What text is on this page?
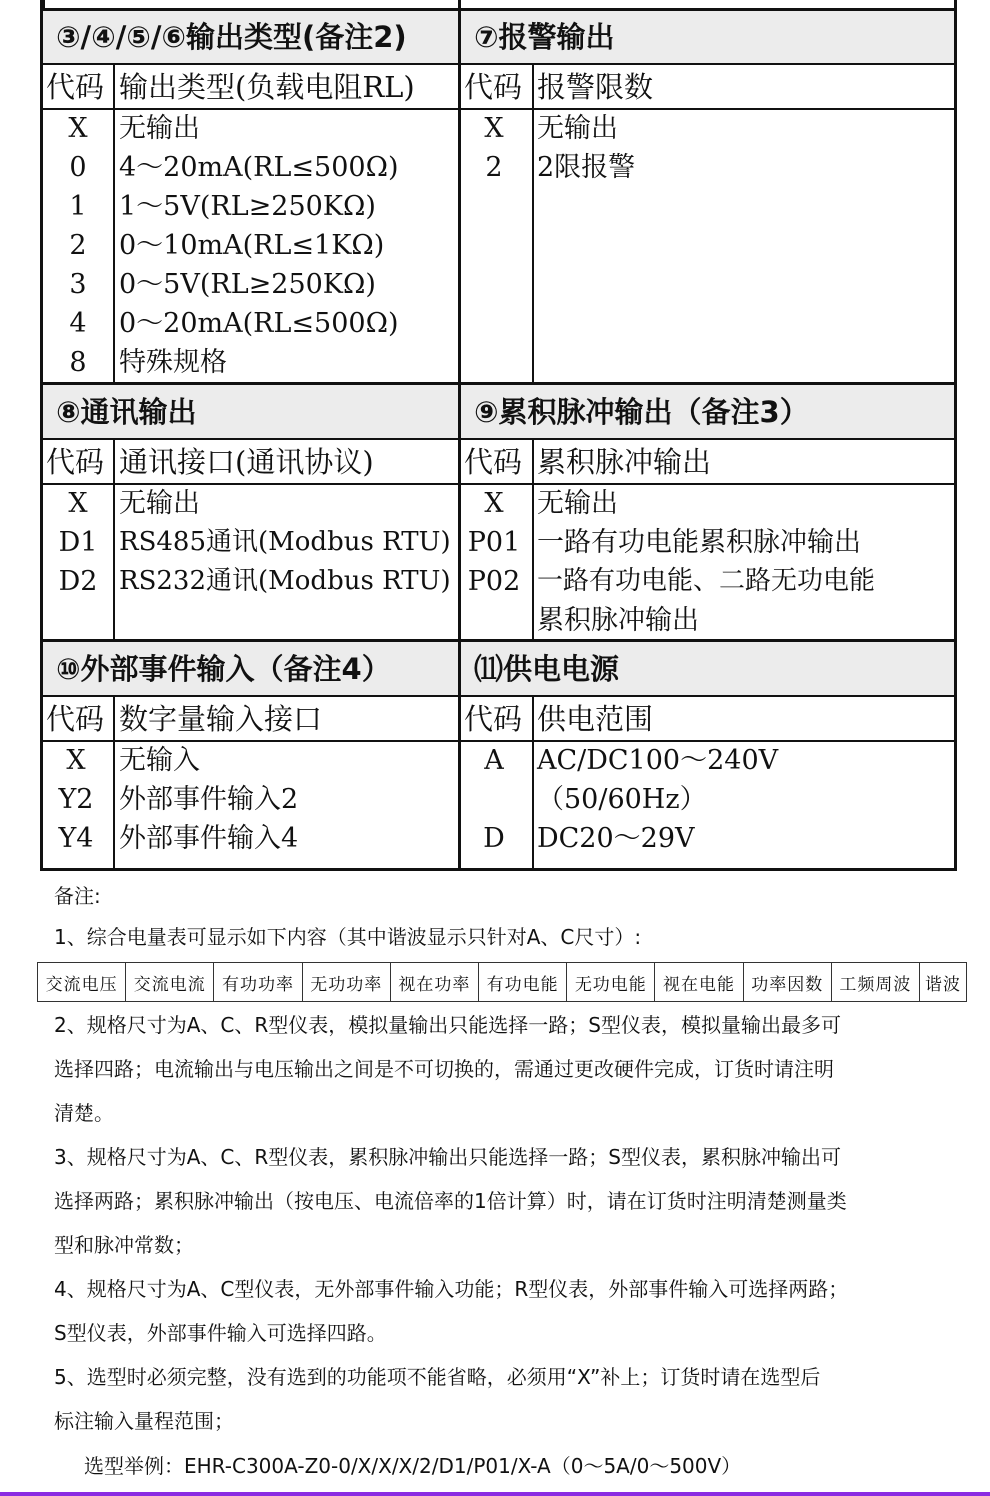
③/④/⑤/⑥输出类型(备注2)
代码 输出类型(负载电阻RL)
X 无输出
0 4～20mA(RL≤500Ω)
1 1～5V(RL≥250KΩ)
2 0～10mA(RL≤1KΩ)
3 0～5V(RL≥250KΩ)
4 0～20mA(RL≤500Ω)
8 特殊规格
⑦报警输出
代码 报警限数
X 无输出
2 2限报警
⑧通讯输出
代码 通讯接口(通讯协议)
X	无输出
D1 RS485通讯(Modbus RTU)
D2 RS232通讯(Modbus RTU)
⑨累积脉冲输出（备注3）
代码 累积脉冲输出
X	无输出
P01 一路有功电能累积脉冲输出
P02 一路有功电能、二路无功电能
累积脉冲输出
⑩外部事件输入（备注4）
代码 数字量输入接口
X	无输入
Y2 外部事件输入2
Y4 外部事件输入4
⑾供电电源
代码 供电范围
A AC/DC100～240V
（50/60Hz）
D DC20～29V
备注:
1、综合电量表可显示如下内容（其中谐波显示只针对A、C尺寸）:
交流电压 交流电流 有功功率 无功功率 视在功率 有功电能 无功电能 视在电能 功率因数 工频周波 谐波
2、规格尺寸为A、C、R型仪表，模拟量输出只能选择一路；S型仪表，模拟量输出最多可
选择四路；电流输出与电压输出之间是不可切换的，需通过更改硬件完成，订货时请注明
清楚。
3、规格尺寸为A、C、R型仪表，累积脉冲输出只能选择一路；S型仪表，累积脉冲输出可
选择两路；累积脉冲输出（按电压、电流倍率的1倍计算）时，请在订货时注明清楚测量类
型和脉冲常数；
4、规格尺寸为A、C型仪表，无外部事件输入功能；R型仪表，外部事件输入可选择两路；
S型仪表，外部事件输入可选择四路。
5、选型时必须完整，没有选到的功能项不能省略，必须用“X”补上；订货时请在选型后
标注输入量程范围；
选型举例：EHR-C300A-Z0-0/X/X/X/2/D1/P01/X-A（0～5A/0～500V）
